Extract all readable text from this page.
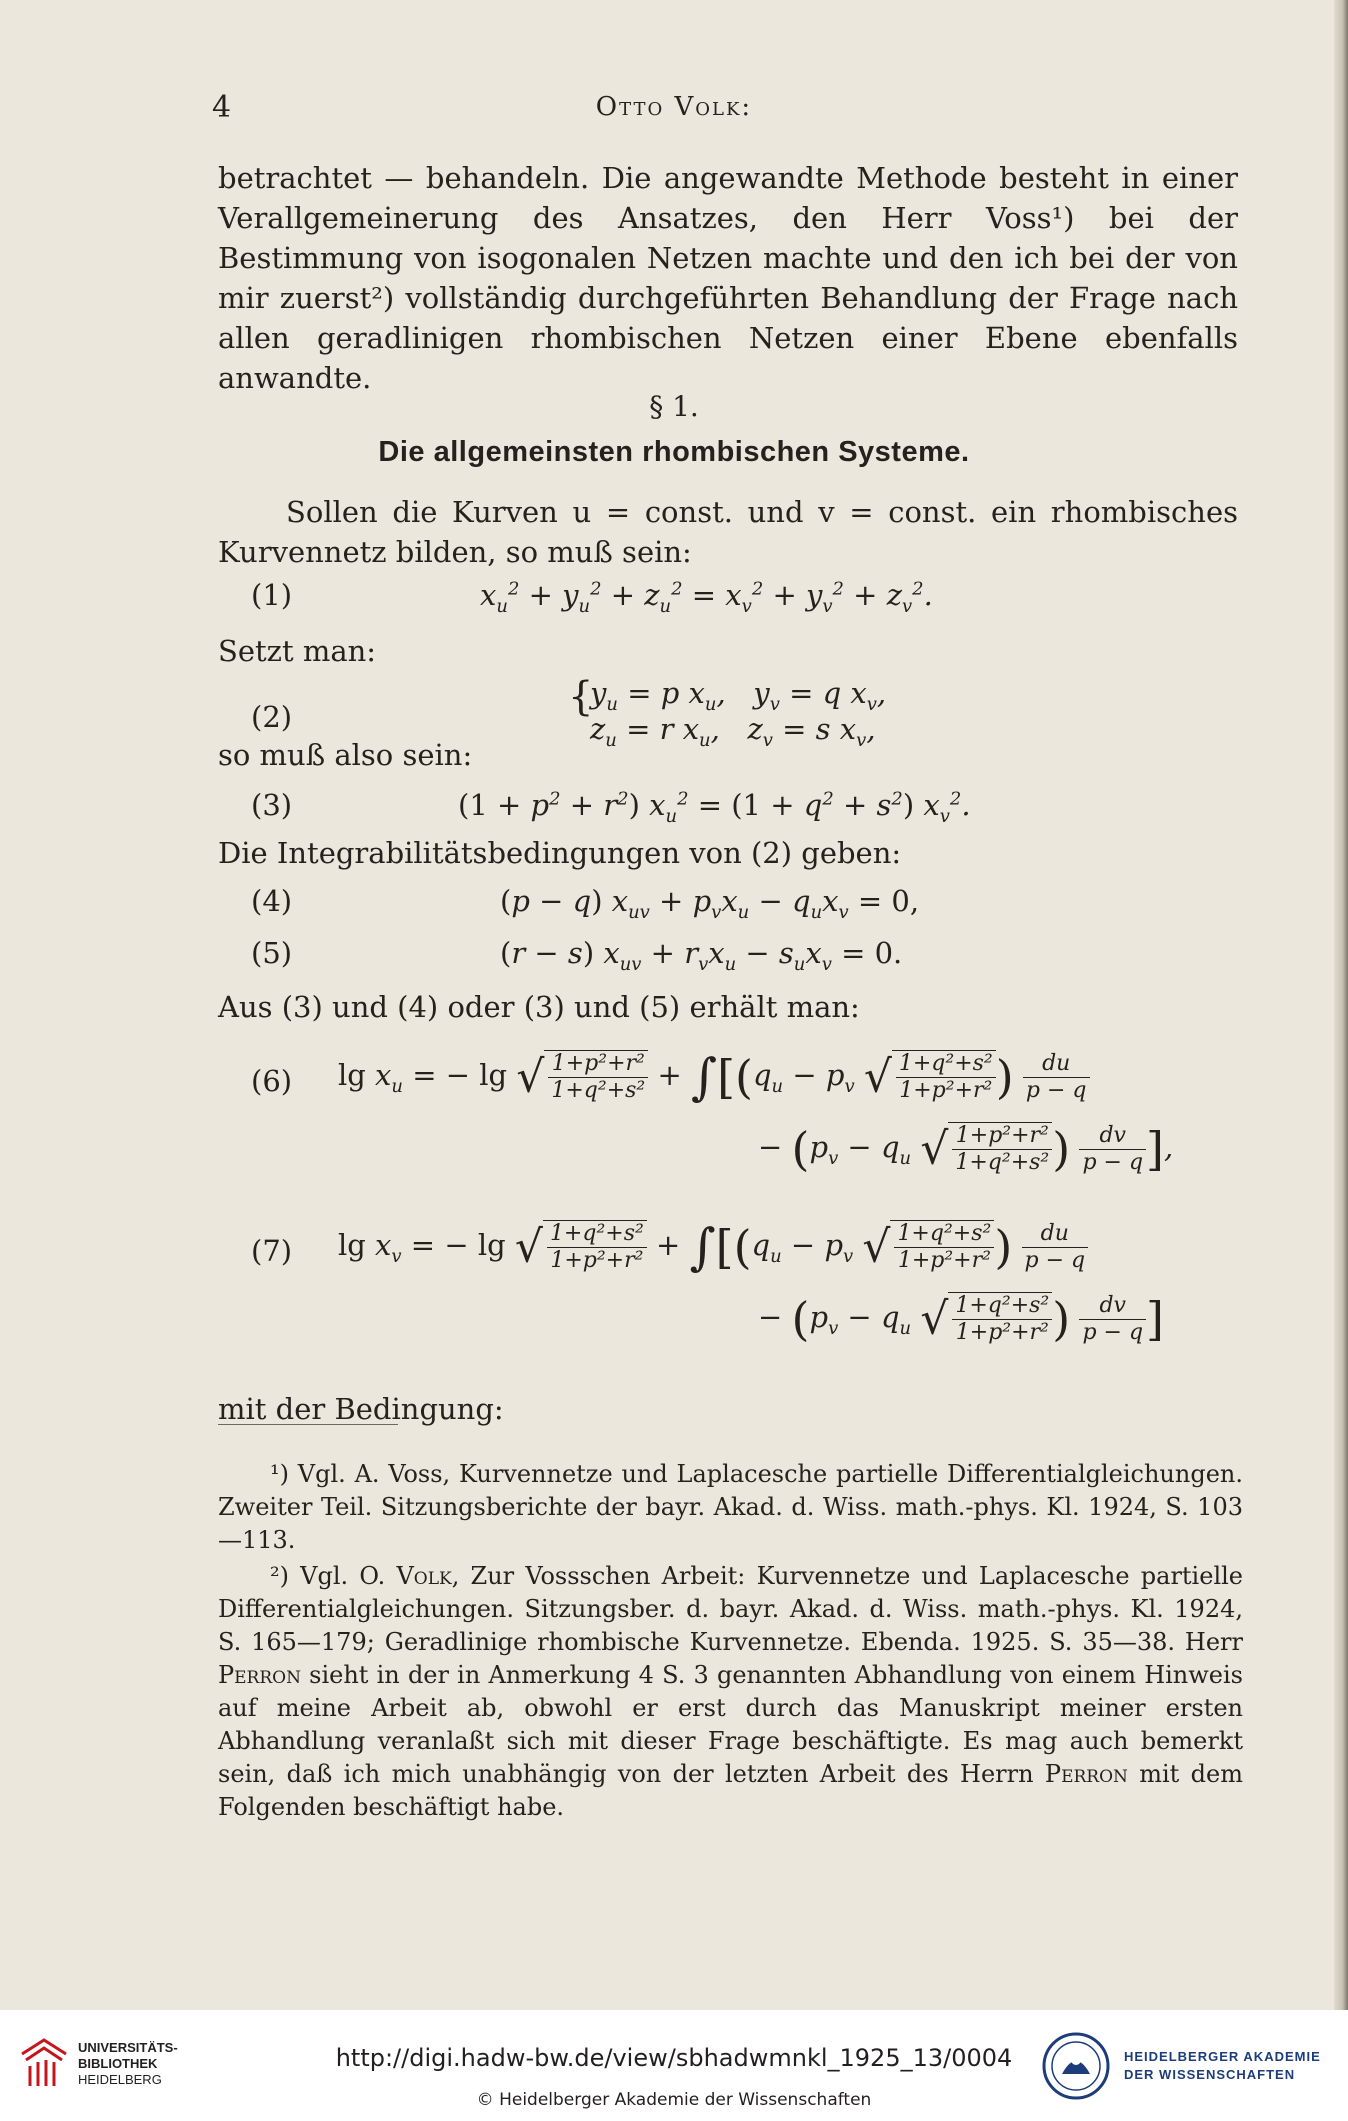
4	Otto Volk:

betrachtet — behandeln. Die angewandte Methode besteht in einer Verallgemeinerung des Ansatzes, den Herr Voss¹) bei der Bestimmung von isogonalen Netzen machte und den ich bei der von mir zuerst²) vollständig durchgeführten Behandlung der Frage nach allen geradlinigen rhombischen Netzen einer Ebene ebenfalls anwandte.

§ 1.
Die allgemeinsten rhombischen Systeme.

Sollen die Kurven u = const. und v = const. ein rhombisches Kurvennetz bilden, so muß sein:

(1)	$x_u^2 + y_u^2 + z_u^2 = x_v^2 + y_v^2 + z_v^2$.
Setzt man:
(2)	{
$y_u = p$ $x_u$,   $y_v = q$ $x_v$,
$z_u = r$ $x_u$,   $z_v = s$ $x_v$,
so muß also sein:
(3)	$(1 + p^2 + r^2)$ $x_u^2 = (1 + q^2 + s^2)$ $x_v^2$.
Die Integrabilitätsbedingungen von (2) geben:
(4)	(p − q) $x_{uv} + p_vx_u - q_ux_v = 0$,
(5)	(r − s) $x_{uv} + r_vx_u - s_ux_v = 0$.
Aus (3) und (4) oder (3) und (5) erhält man:
(6) $\lg x_u$ = − lg √ $\frac{\text{1+p²+r²}}{\text{1+q²+s²}} + \int[(q_u - p_v$ √ $\frac{\text{1+q²+s²}}{\text{1+p²+r²}}$ ) $\frac{du}{p - q}$
− ($p_v - q_u$ √ $\frac{\text{1+p²+r²}}{\text{1+q²+s²}}$ ) $\frac{dv}{p - q}$ ],
(7) $\lg x_v$ = − lg √ $\frac{\text{1+q²+s²}}{\text{1+p²+r²}} + \int[(q_u - p_v$ √ $\frac{\text{1+q²+s²}}{\text{1+p²+r²}}$ ) $\frac{du}{p - q}$
− ($p_v - q_u$ √ $\frac{\text{1+q²+s²}}{\text{1+p²+r²}}$ ) $\frac{dv}{p - q}$ ]
mit der Bedingung:

¹) Vgl. A. Voss, Kurvennetze und Laplacesche partielle Differentialgleichungen. Zweiter Teil. Sitzungsberichte der bayr. Akad. d. Wiss. math.-phys. Kl. 1924, S. 103—113.

²) Vgl. O. Volk, Zur Vossschen Arbeit: Kurvennetze und Laplacesche partielle Differentialgleichungen. Sitzungsber. d. bayr. Akad. d. Wiss. math.-phys. Kl. 1924, S. 165—179; Geradlinige rhombische Kurvennetze. Ebenda. 1925. S. 35—38. Herr Perron sieht in der in Anmerkung 4 S. 3 genannten Abhandlung von einem Hinweis auf meine Arbeit ab, obwohl er erst durch das Manuskript meiner ersten Abhandlung veranlaßt sich mit dieser Frage beschäftigte. Es mag auch bemerkt sein, daß ich mich unabhängig von der letzten Arbeit des Herrn Perron mit dem Folgenden beschäftigt habe.

UNIVERSITÄTS-
BIBLIOTHEK
HEIDELBERG
http://digi.hadw-bw.de/view/sbhadwmnkl_1925_13/0004
© Heidelberger Akademie der Wissenschaften
HEIDELBERGER AKADEMIE
DER WISSENSCHAFTEN
